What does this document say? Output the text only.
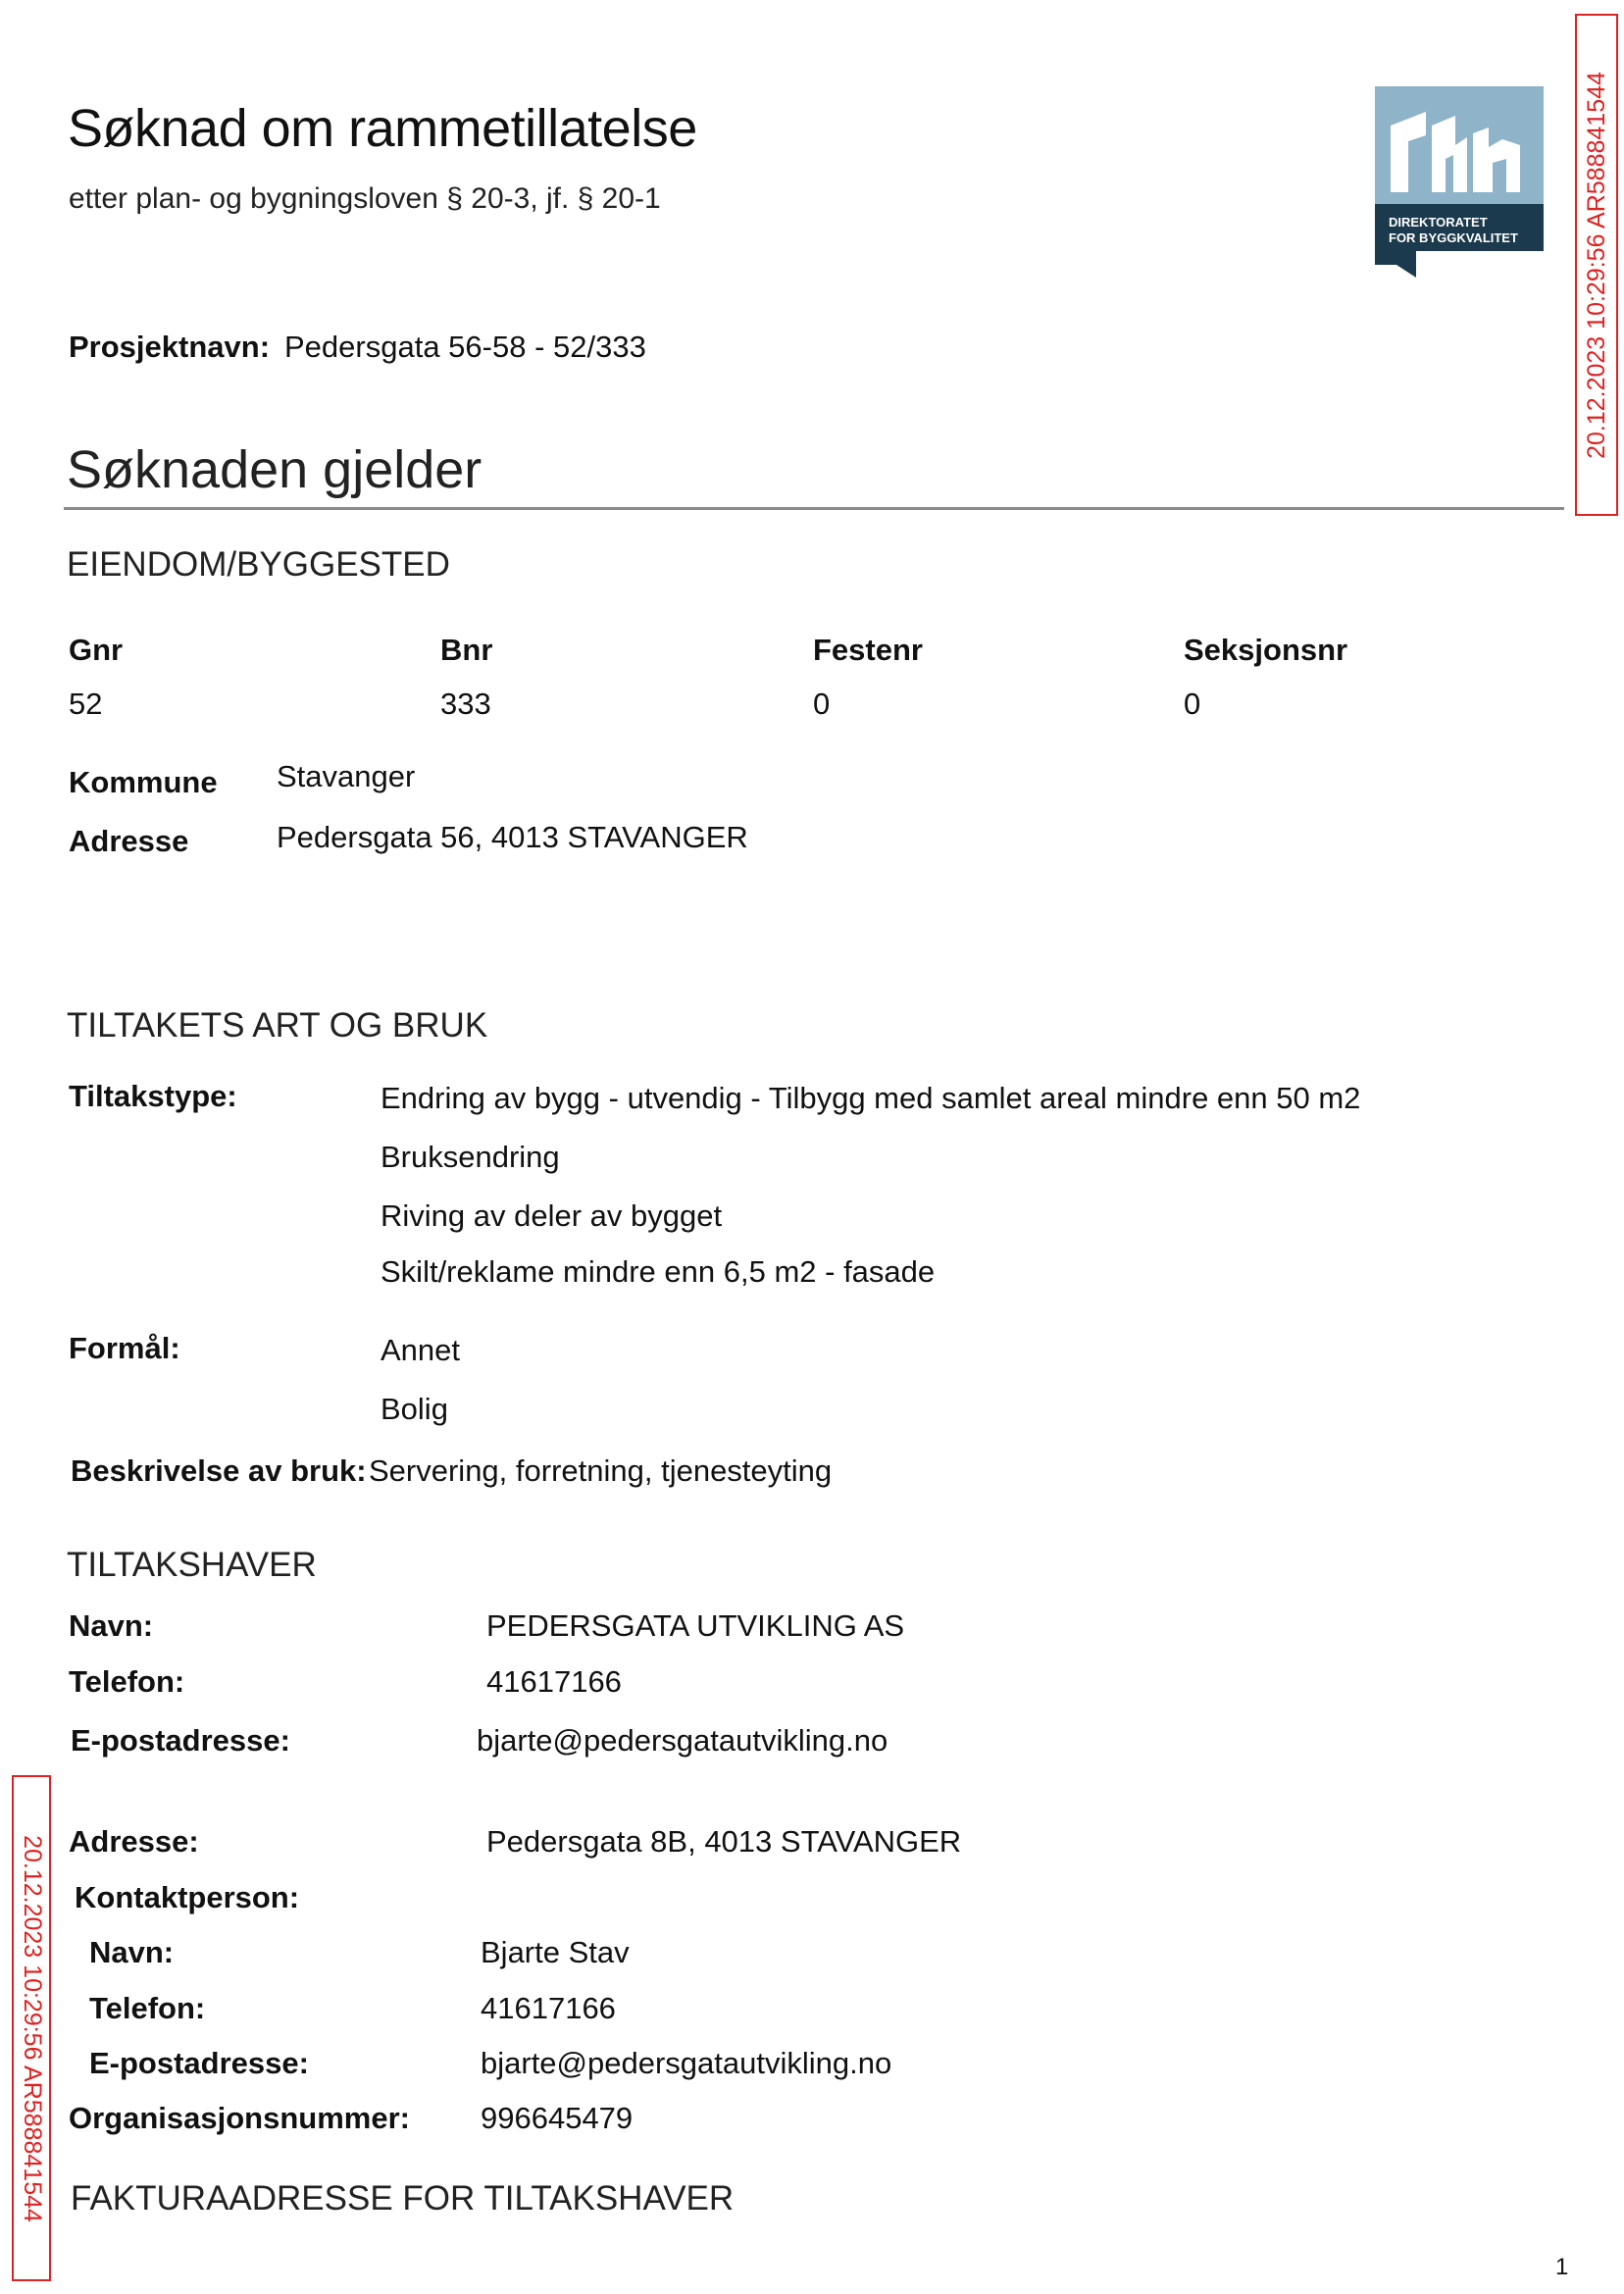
Søknad om rammetillatelse
etter plan- og bygningsloven § 20-3, jf. § 20-1
DIREKTORATET
FOR BYGGKVALITET	20.12.2023 10:29:56 AR588841544
20.12.2023 10:29:56 AR588841544
Prosjektnavn: Pedersgata 56-58 - 52/333
Søknaden gjelder
EIENDOM/BYGGESTED
Gnr	Bnr	Festenr	Seksjonsnr
52	333	0	0
Kommune Stavanger
Adresse	Pedersgata 56, 4013 STAVANGER
TILTAKETS ART OG BRUK
Tiltakstype:	Endring av bygg - utvendig - Tilbygg med samlet areal mindre enn 50 m2
Bruksendring
Riving av deler av bygget
Skilt/reklame mindre enn 6,5 m2 - fasade
Formål:	Annet
Bolig
Beskrivelse av bruk: Servering, forretning, tjenesteyting
TILTAKSHAVER
Navn:	PEDERSGATA UTVIKLING AS
Telefon:	41617166
E-postadresse:	bjarte@pedersgatautvikling.no
Adresse:	Pedersgata 8B, 4013 STAVANGER
Kontaktperson:
Navn:	Bjarte Stav
Telefon:	41617166
E-postadresse:	bjarte@pedersgatautvikling.no
Organisasjonsnummer: 996645479
FAKTURAADRESSE FOR TILTAKSHAVER
1
